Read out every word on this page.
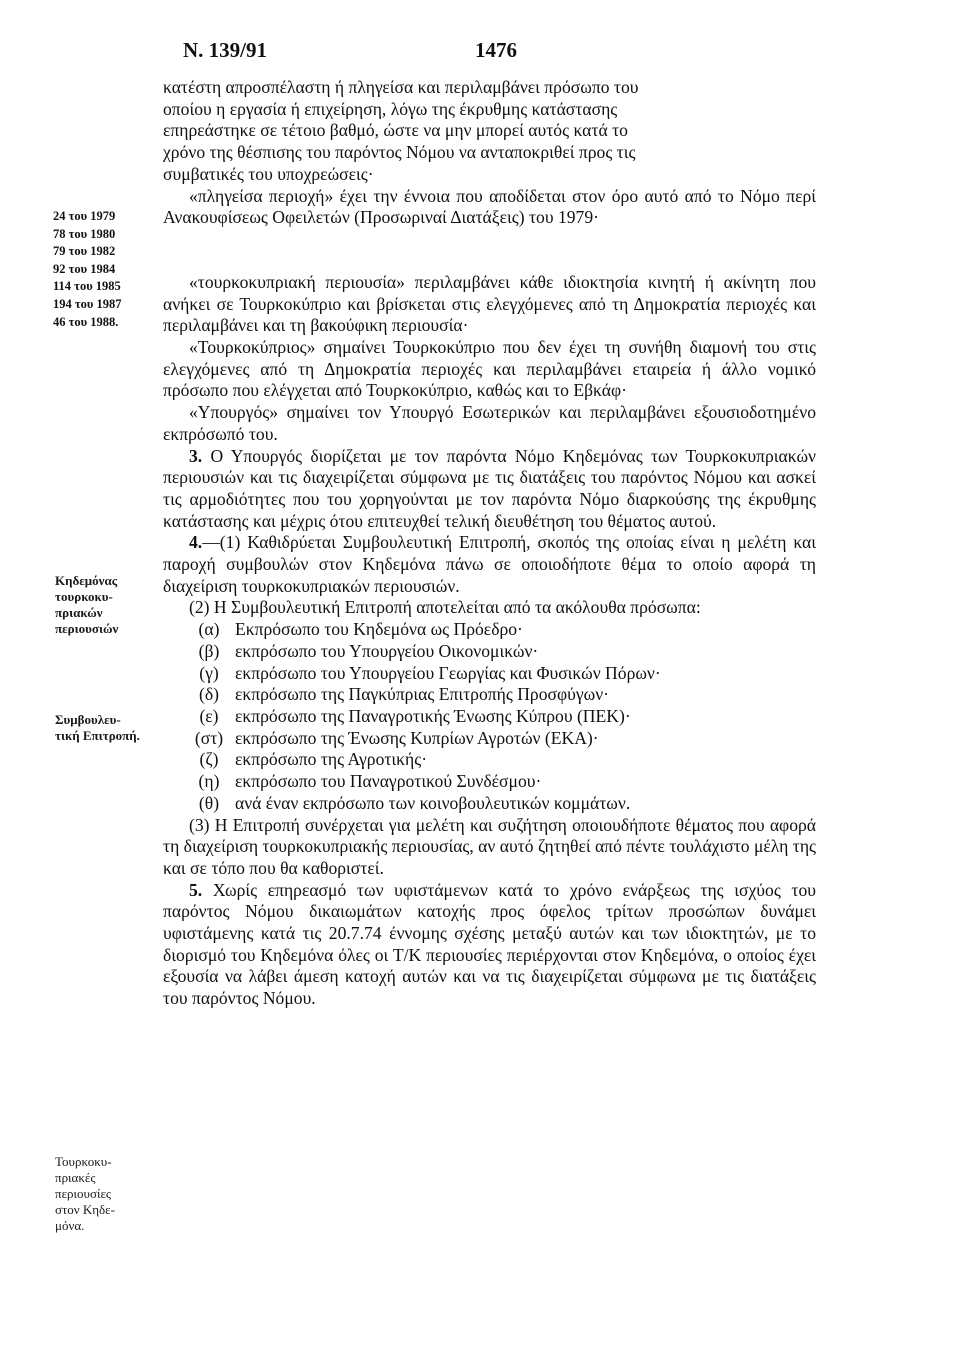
Ν. 139/91	1476
24 του 1979
78 του 1980
79 του 1982
92 του 1984
114 του 1985
194 του 1987
46 του 1988.
Κηδεμόνας
τουρκοκυ-
πριακών
περιουσιών
Συμβουλευ-
τική Επιτροπή.
Τουρκοκυ-
πριακές
περιουσίες
στον Κηδε-
μόνα.
κατέστη απροσπέλαστη ή πληγείσα και περιλαμβάνει πρόσωπο του
οποίου η εργασία ή επιχείρηση, λόγω της έκρυθμης κατάστασης
επηρεάστηκε σε τέτοιο βαθμό, ώστε να μην μπορεί αυτός κατά το
χρόνο της θέσπισης του παρόντος Νόμου να ανταποκριθεί προς τις
συμβατικές του υποχρεώσεις·

«πληγείσα περιοχή» έχει την έννοια που αποδίδεται στον όρο αυτό από το Νόμο περί Ανακουφίσεως Οφειλετών (Προσωριναί Διατάξεις) του 1979·

«τουρκοκυπριακή περιουσία» περιλαμβάνει κάθε ιδιοκτησία κινητή ή ακίνητη που ανήκει σε Τουρκοκύπριο και βρίσκεται στις ελεγχόμενες από τη Δημοκρατία περιοχές και περιλαμβάνει και τη βακούφικη περιουσία·

«Τουρκοκύπριος» σημαίνει Τουρκοκύπριο που δεν έχει τη συνήθη διαμονή του στις ελεγχόμενες από τη Δημοκρατία περιοχές και περιλαμβάνει εταιρεία ή άλλο νομικό πρόσωπο που ελέγχεται από Τουρκοκύπριο, καθώς και το Εβκάφ·

«Υπουργός» σημαίνει τον Υπουργό Εσωτερικών και περιλαμβάνει εξουσιοδοτημένο εκπρόσωπό του.

3. Ο Υπουργός διορίζεται με τον παρόντα Νόμο Κηδεμόνας των Τουρκοκυπριακών περιουσιών και τις διαχειρίζεται σύμφωνα με τις διατάξεις του παρόντος Νόμου και ασκεί τις αρμοδιότητες που του χορηγούνται με τον παρόντα Νόμο διαρκούσης της έκρυθμης κατάστασης και μέχρις ότου επιτευχθεί τελική διευθέτηση του θέματος αυτού.

4.—(1) Καθιδρύεται Συμβουλευτική Επιτροπή, σκοπός της οποίας είναι η μελέτη και παροχή συμβουλών στον Κηδεμόνα πάνω σε οποιοδήποτε θέμα το οποίο αφορά τη διαχείριση τουρκοκυπριακών περιουσιών.

(2) Η Συμβουλευτική Επιτροπή αποτελείται από τα ακόλουθα πρόσωπα:

(α) Εκπρόσωπο του Κηδεμόνα ως Πρόεδρο·
(β) εκπρόσωπο του Υπουργείου Οικονομικών·
(γ) εκπρόσωπο του Υπουργείου Γεωργίας και Φυσικών Πόρων·
(δ) εκπρόσωπο της Παγκύπριας Επιτροπής Προσφύγων·
(ε) εκπρόσωπο της Παναγροτικής Ένωσης Κύπρου (ΠΕΚ)·
(στ) εκπρόσωπο της Ένωσης Κυπρίων Αγροτών (ΕΚΑ)·
(ζ) εκπρόσωπο της Αγροτικής·
(η) εκπρόσωπο του Παναγροτικού Συνδέσμου·
(θ) ανά έναν εκπρόσωπο των κοινοβουλευτικών κομμάτων.

(3) Η Επιτροπή συνέρχεται για μελέτη και συζήτηση οποιουδήποτε θέματος που αφορά τη διαχείριση τουρκοκυπριακής περιουσίας, αν αυτό ζητηθεί από πέντε τουλάχιστο μέλη της και σε τόπο που θα καθοριστεί.

5. Χωρίς επηρεασμό των υφιστάμενων κατά το χρόνο ενάρξεως της ισχύος του παρόντος Νόμου δικαιωμάτων κατοχής προς όφελος τρίτων προσώπων δυνάμει υφιστάμενης κατά τις 20.7.74 έννομης σχέσης μεταξύ αυτών και των ιδιοκτητών, με το διορισμό του Κηδεμόνα όλες οι Τ/Κ περιουσίες περιέρχονται στον Κηδεμόνα, ο οποίος έχει εξουσία να λάβει άμεση κατοχή αυτών και να τις διαχειρίζεται σύμφωνα με τις διατάξεις του παρόντος Νόμου.
